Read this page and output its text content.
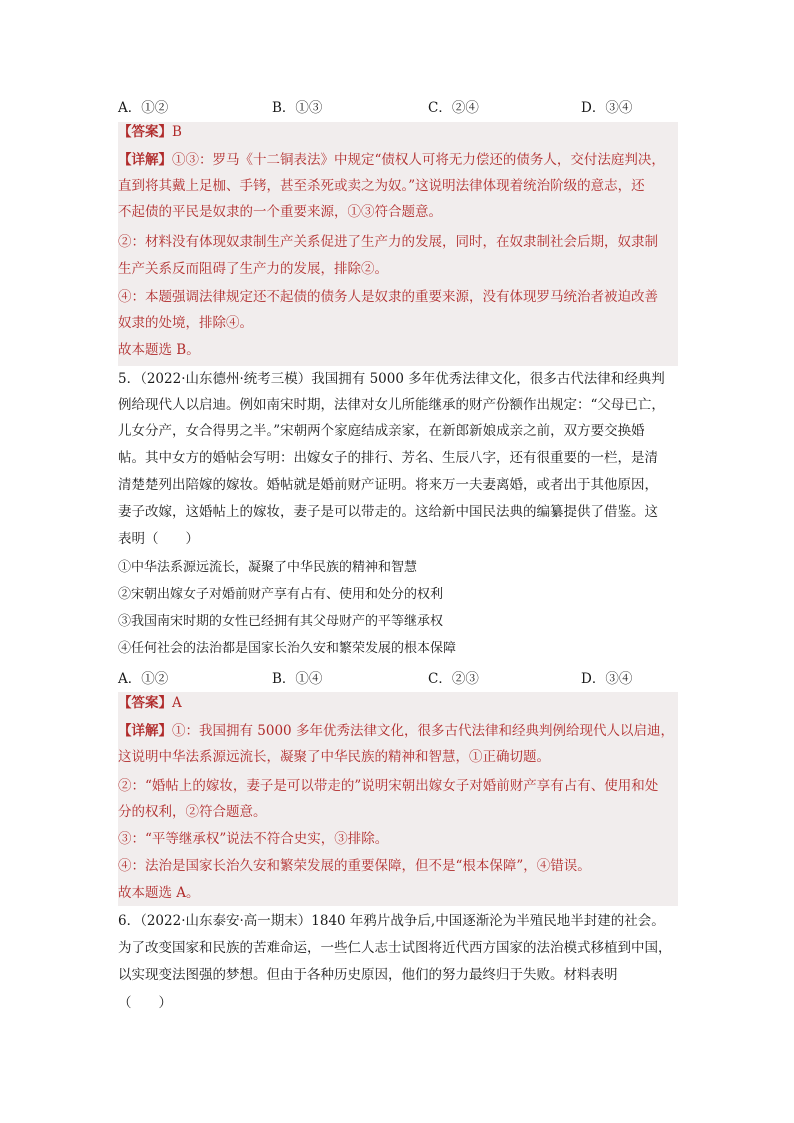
A．①②	B．①③	C．②④	D．③④
【答案】B
【详解】①③：罗马《十二铜表法》中规定“债权人可将无力偿还的债务人，交付法庭判决，
直到将其戴上足枷、手铐，甚至杀死或卖之为奴。”这说明法律体现着统治阶级的意志，还
不起债的平民是奴隶的一个重要来源，①③符合题意。
②：材料没有体现奴隶制生产关系促进了生产力的发展，同时，在奴隶制社会后期，奴隶制
生产关系反而阻碍了生产力的发展，排除②。
④：本题强调法律规定还不起债的债务人是奴隶的重要来源，没有体现罗马统治者被迫改善
奴隶的处境，排除④。
故本题选 B。
5．（2022·山东德州·统考三模）我国拥有 5000 多年优秀法律文化，很多古代法律和经典判
例给现代人以启迪。例如南宋时期，法律对女儿所能继承的财产份额作出规定：“父母已亡，
儿女分产，女合得男之半。”宋朝两个家庭结成亲家，在新郎新娘成亲之前，双方要交换婚
帖。其中女方的婚帖会写明：出嫁女子的排行、芳名、生辰八字，还有很重要的一栏，是清
清楚楚列出陪嫁的嫁妆。婚帖就是婚前财产证明。将来万一夫妻离婚，或者出于其他原因，
妻子改嫁，这婚帖上的嫁妆，妻子是可以带走的。这给新中国民法典的编纂提供了借鉴。这
表明（　　）
①中华法系源远流长，凝聚了中华民族的精神和智慧
②宋朝出嫁女子对婚前财产享有占有、使用和处分的权利
③我国南宋时期的女性已经拥有其父母财产的平等继承权
④任何社会的法治都是国家长治久安和繁荣发展的根本保障
A．①②	B．①④	C．②③	D．③④
【答案】A
【详解】①：我国拥有 5000 多年优秀法律文化，很多古代法律和经典判例给现代人以启迪，
这说明中华法系源远流长，凝聚了中华民族的精神和智慧，①正确切题。
②：“婚帖上的嫁妆，妻子是可以带走的”说明宋朝出嫁女子对婚前财产享有占有、使用和处
分的权利，②符合题意。
③：“平等继承权”说法不符合史实，③排除。
④：法治是国家长治久安和繁荣发展的重要保障，但不是“根本保障”，④错误。
故本题选 A。
6．（2022·山东泰安·高一期末）1840 年鸦片战争后,中国逐渐沦为半殖民地半封建的社会。
为了改变国家和民族的苦难命运，一些仁人志士试图将近代西方国家的法治模式移植到中国，
以实现变法图强的梦想。但由于各种历史原因，他们的努力最终归于失败。材料表明
（　　）
